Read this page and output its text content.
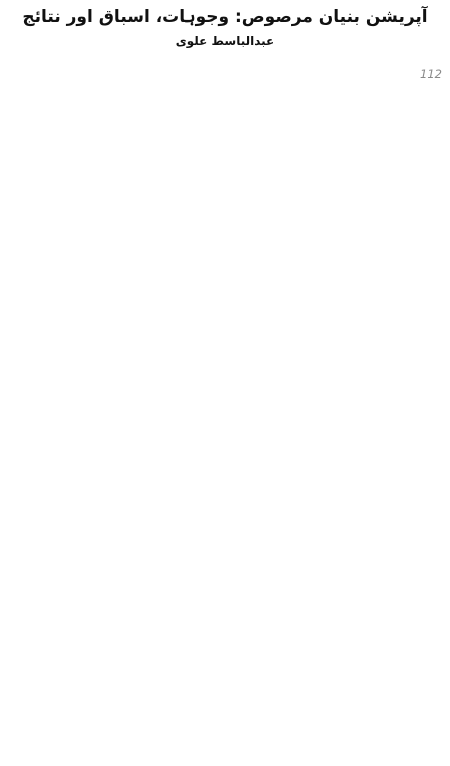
آپریشن بنیان مرصوص: وجوہات، اسباق اور نتائج
عبدالباسط علوی

112
